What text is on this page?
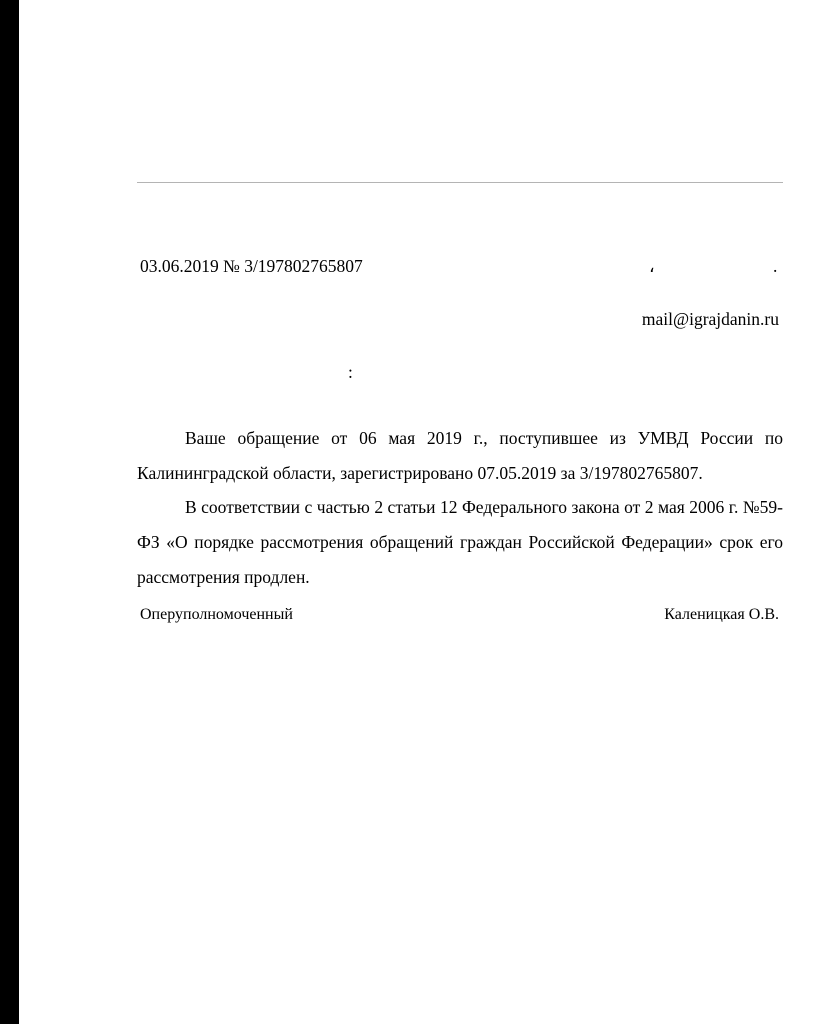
03.06.2019 № 3/197802765807	،	.
mail@igrajdanin.ru
:

Ваше обращение от 06 мая 2019 г., поступившее из УМВД России по Калининградской области, зарегистрировано 07.05.2019 за 3/197802765807.

В соответствии с частью 2 статьи 12 Федерального закона от 2 мая 2006 г. №59-ФЗ «О порядке рассмотрения обращений граждан Российской Федерации» срок его рассмотрения продлен.

Оперуполномоченный	Каленицкая О.В.
